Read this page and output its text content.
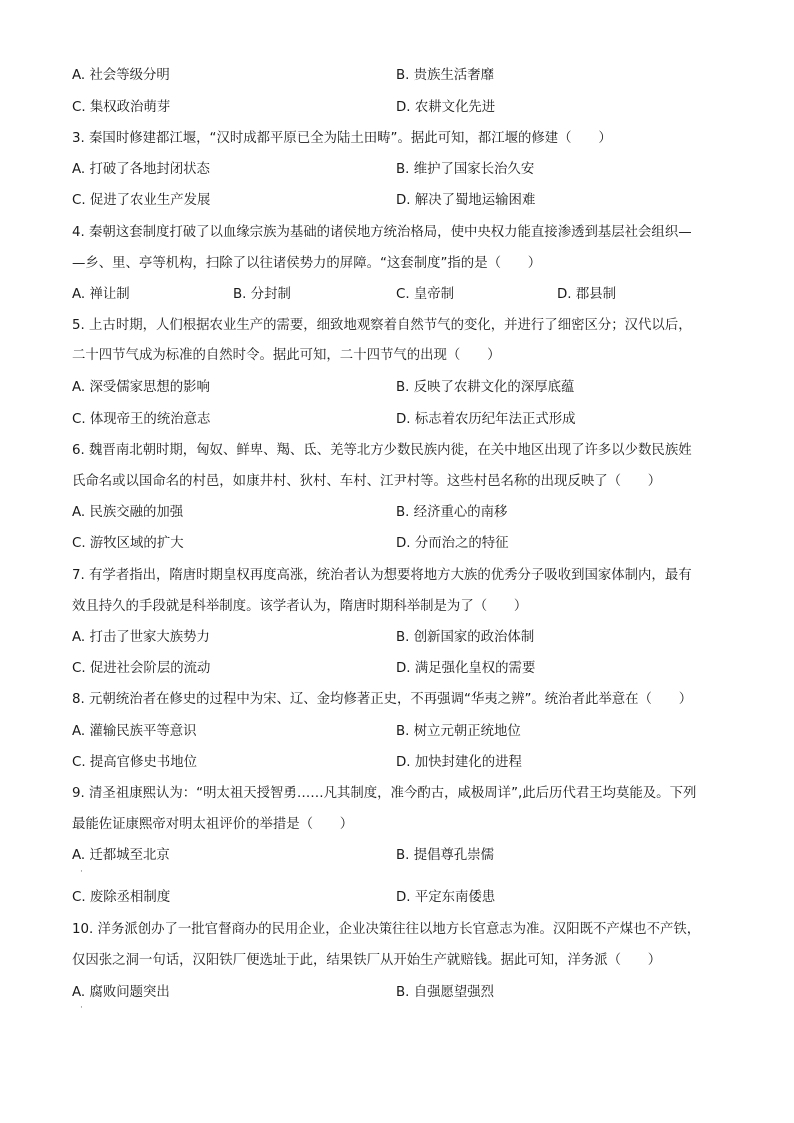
A. 社会等级分明	B. 贵族生活奢靡
C. 集权政治萌芽	D. 农耕文化先进
3. 秦国时修建都江堰，“汉时成都平原已全为陆土田畴”。据此可知，都江堰的修建（　　）
A. 打破了各地封闭状态	B. 维护了国家长治久安
C. 促进了农业生产发展	D. 解决了蜀地运输困难
4. 秦朝这套制度打破了以血缘宗族为基础的诸侯地方统治格局，使中央权力能直接渗透到基层社会组织—
—乡、里、亭等机构，扫除了以往诸侯势力的屏障。“这套制度”指的是（　　）
A. 禅让制	B. 分封制	C. 皇帝制	D. 郡县制
5. 上古时期，人们根据农业生产的需要，细致地观察着自然节气的变化，并进行了细密区分；汉代以后，
二十四节气成为标准的自然时令。据此可知，二十四节气的出现（　　）
A. 深受儒家思想的影响	B. 反映了农耕文化的深厚底蕴
C. 体现帝王的统治意志	D. 标志着农历纪年法正式形成
6. 魏晋南北朝时期，匈奴、鲜卑、羯、氐、羌等北方少数民族内徙，在关中地区出现了许多以少数民族姓
氏命名或以国命名的村邑，如康井村、狄村、车村、江尹村等。这些村邑名称的出现反映了（　　）
A. 民族交融的加强	B. 经济重心的南移
C. 游牧区域的扩大	D. 分而治之的特征
7. 有学者指出，隋唐时期皇权再度高涨，统治者认为想要将地方大族的优秀分子吸收到国家体制内，最有
效且持久的手段就是科举制度。该学者认为，隋唐时期科举制是为了（　　）
A. 打击了世家大族势力	B. 创新国家的政治体制
C. 促进社会阶层的流动	D. 满足强化皇权的需要
8. 元朝统治者在修史的过程中为宋、辽、金均修著正史，不再强调“华夷之辨”。统治者此举意在（　　）
A. 灌输民族平等意识	B. 树立元朝正统地位
C. 提高官修史书地位	D. 加快封建化的进程
9. 清圣祖康熙认为：“明太祖天授智勇……凡其制度，准今酌古，咸极周详”,此后历代君王均莫能及。下列
最能佐证康熙帝对明太祖评价的举措是（　　）
A. 迁都城至北京	B. 提倡尊孔崇儒
·
C. 废除丞相制度	D. 平定东南倭患
10. 洋务派创办了一批官督商办的民用企业，企业决策往往以地方长官意志为准。汉阳既不产煤也不产铁，
仅因张之洞一句话，汉阳铁厂便选址于此，结果铁厂从开始生产就赔钱。据此可知，洋务派（　　）
A. 腐败问题突出	B. 自强愿望强烈
·
